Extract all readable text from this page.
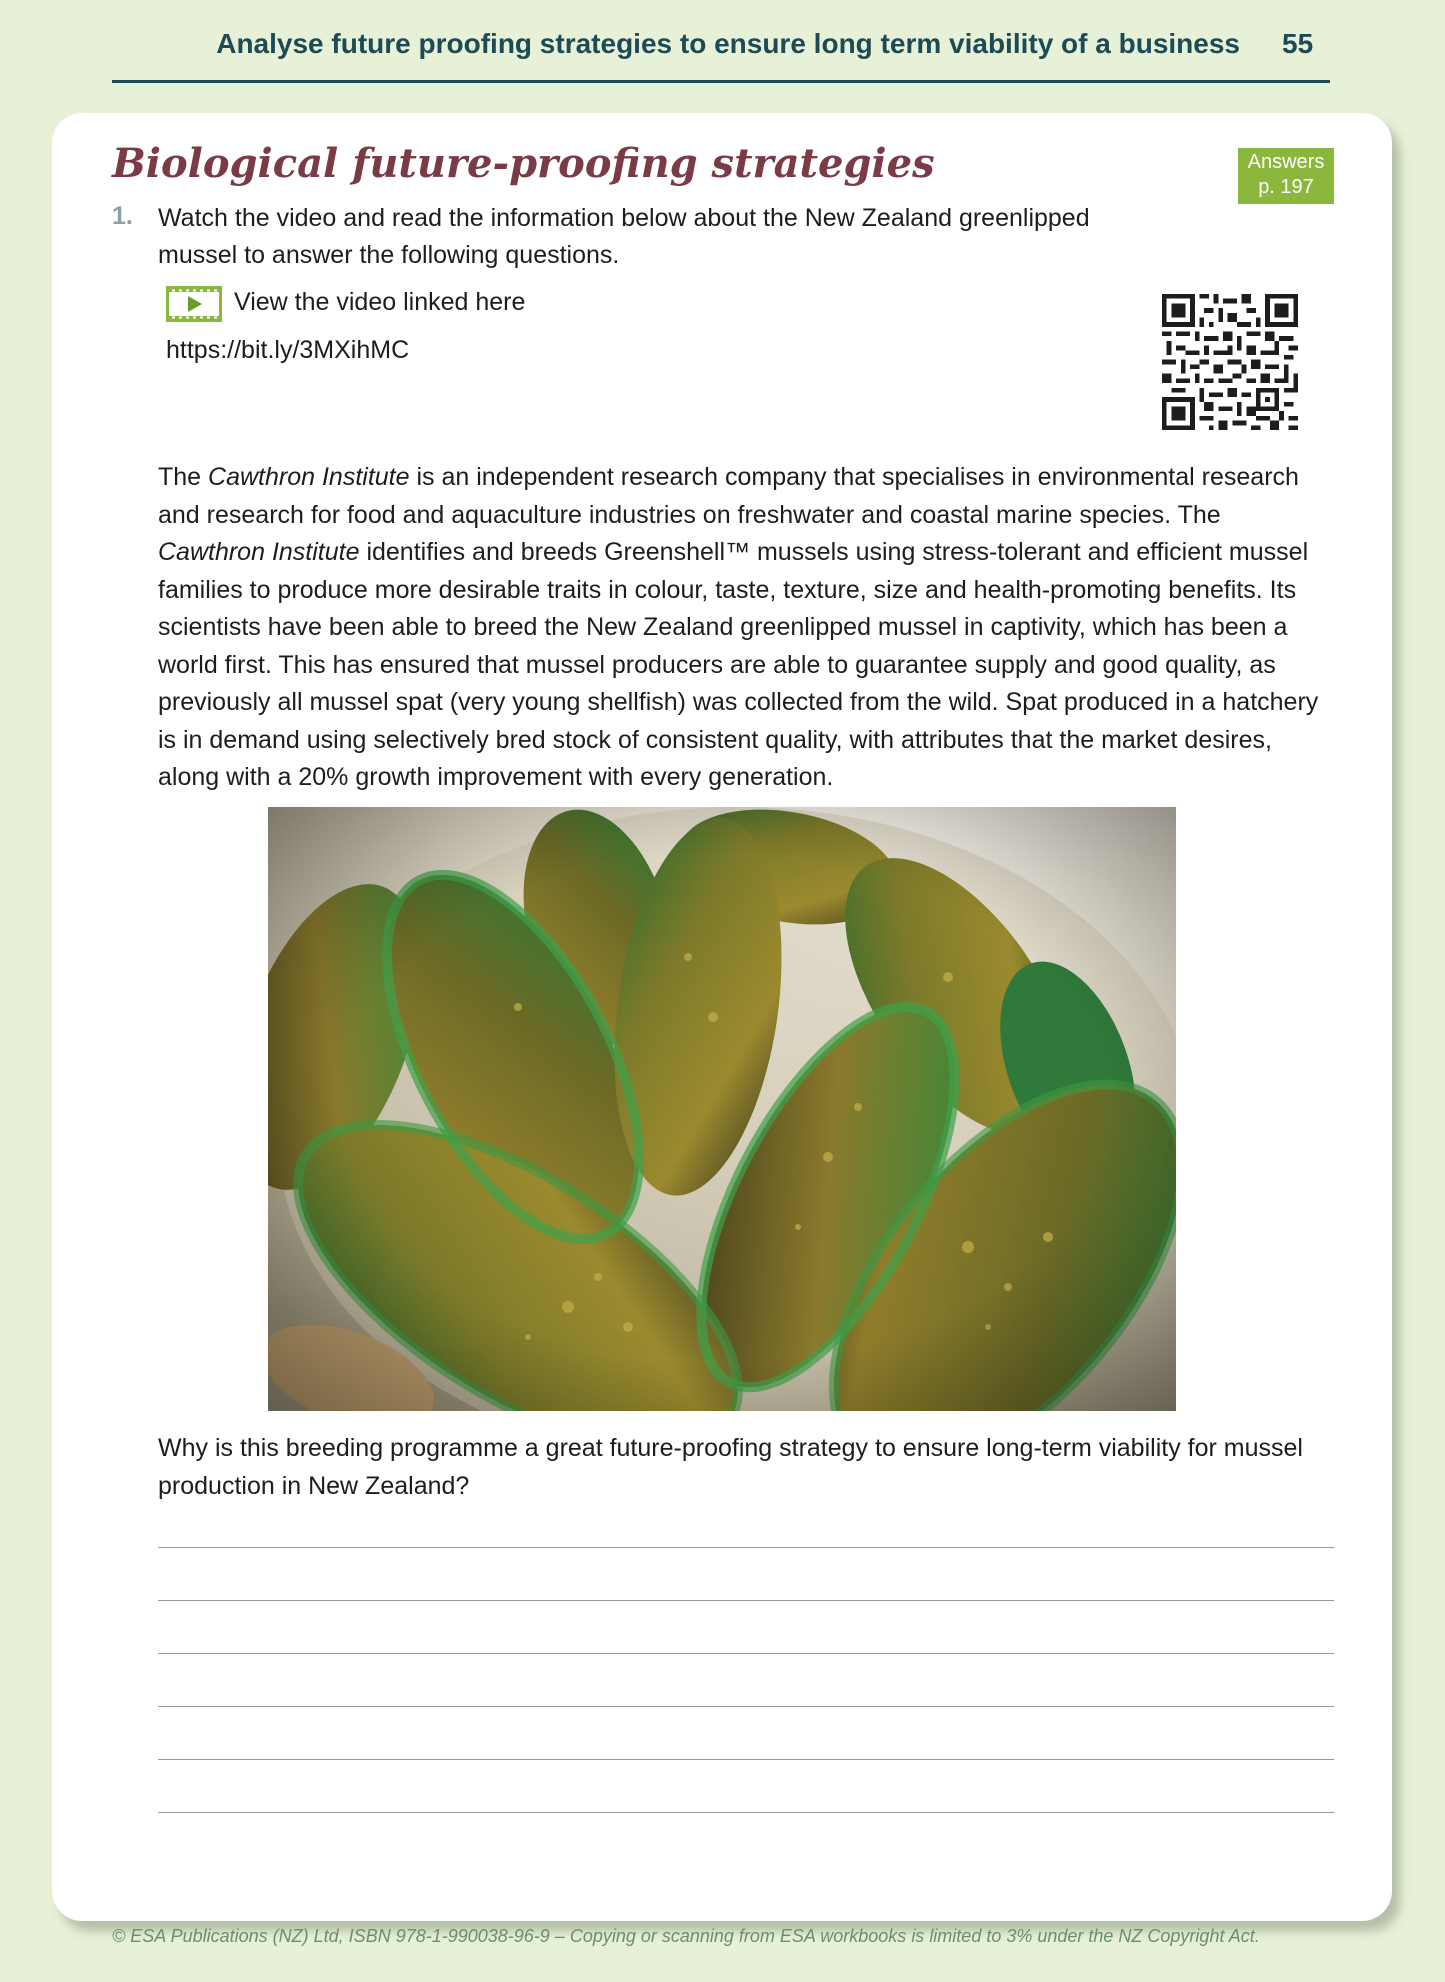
Analyse future proofing strategies to ensure long term viability of a business 55
Biological future-proofing strategies	Answers
p. 197
1. Watch the video and read the information below about the New Zealand greenlipped mussel to answer the following questions.
View the video linked here
https://bit.ly/3MXihMC

The Cawthron Institute is an independent research company that specialises in environmental research and research for food and aquaculture industries on freshwater and coastal marine species. The Cawthron Institute identifies and breeds Greenshell™ mussels using stress-tolerant and efficient mussel families to produce more desirable traits in colour, taste, texture, size and health-promoting benefits. Its scientists have been able to breed the New Zealand greenlipped mussel in captivity, which has been a world first. This has ensured that mussel producers are able to guarantee supply and good quality, as previously all mussel spat (very young shellfish) was collected from the wild. Spat produced in a hatchery is in demand using selectively bred stock of consistent quality, with attributes that the market desires, along with a 20% growth improvement with every generation.

Why is this breeding programme a great future-proofing strategy to ensure long-term viability for mussel production in New Zealand?

© ESA Publications (NZ) Ltd, ISBN 978-1-990038-96-9 – Copying or scanning from ESA workbooks is limited to 3% under the NZ Copyright Act.
